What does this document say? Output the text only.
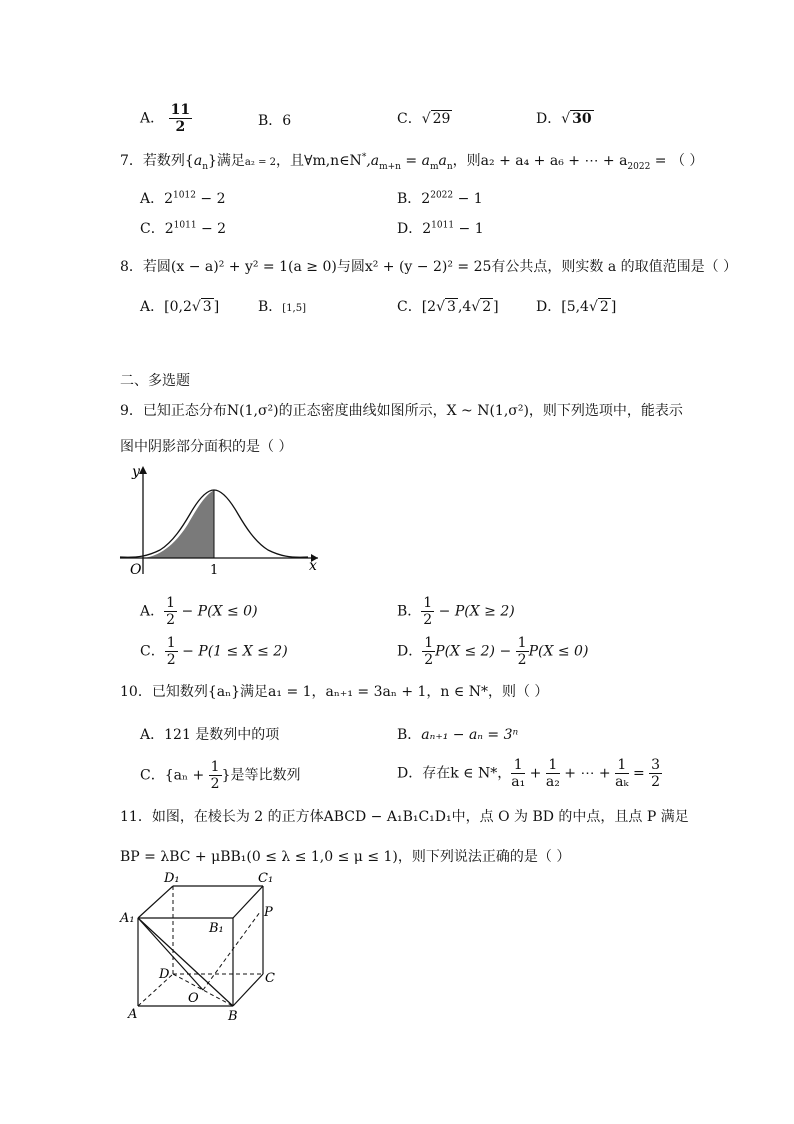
A． $\frac{11}{2}$	B．6	C．√ 29	D．√ 30
7．若数列$\{a_n\}$满足a₂ = 2，且$\forall m,n\in N^*,a_{m+n} = a_ma_n$，则a₂ + a₄ + a₆ + ⋯ + $a_{2022}$ = （ ）
A．$2^{1012} - 2$	B．$2^{2022} - 1$
C．$2^{1011} - 2$	D．$2^{1011} - 1$
8．若圆(x − a)² + y² = 1(a ≥ 0)与圆x² + (y − 2)² = 25有公共点，则实数 a 的取值范围是（ ）
A．[0,2√ 3 ]	B．[1,5]	C．[2√ 3 ,4√ 2 ]	D．[5,4√ 2 ]
二、多选题
9．已知正态分布N(1,σ²)的正态密度曲线如图所示，X ~ N(1,σ²)，则下列选项中，能表示
图中阴影部分面积的是（ ）
y
x
O	1
A． $\frac{1}{2} - P(X \le 0)$	B． $\frac{1}{2} - P(X \ge 2)$
C． $\frac{1}{2} - P(1 \le X \le 2)$	D． $\frac{1}{2} P(X \le 2) - \frac{1}{2} P(X \le 0)$
10．已知数列{aₙ}满足a₁ = 1，aₙ₊₁ = 3aₙ + 1，n ∈ N*，则（ ）
A．121 是数列中的项	B．aₙ₊₁ − aₙ = 3ⁿ
C．{$a_n + \frac{1}{2}$ }是等比数列	D．存在k ∈ N*， $\frac{1}{\text{a₁}} + \frac{1}{\text{a₂}}$ + ⋯ + $\frac{1}{\text{aₖ}} = \frac{3}{2}$
11．如图，在棱长为 2 的正方体ABCD − A₁B₁C₁D₁中，点 O 为 BD 的中点，且点 P 满足
BP = λBC + μBB₁(0 ≤ λ ≤ 1,0 ≤ μ ≤ 1)，则下列说法正确的是（ ）
D₁	C₁
A₁	P
B₁
D	C
O
A	B
